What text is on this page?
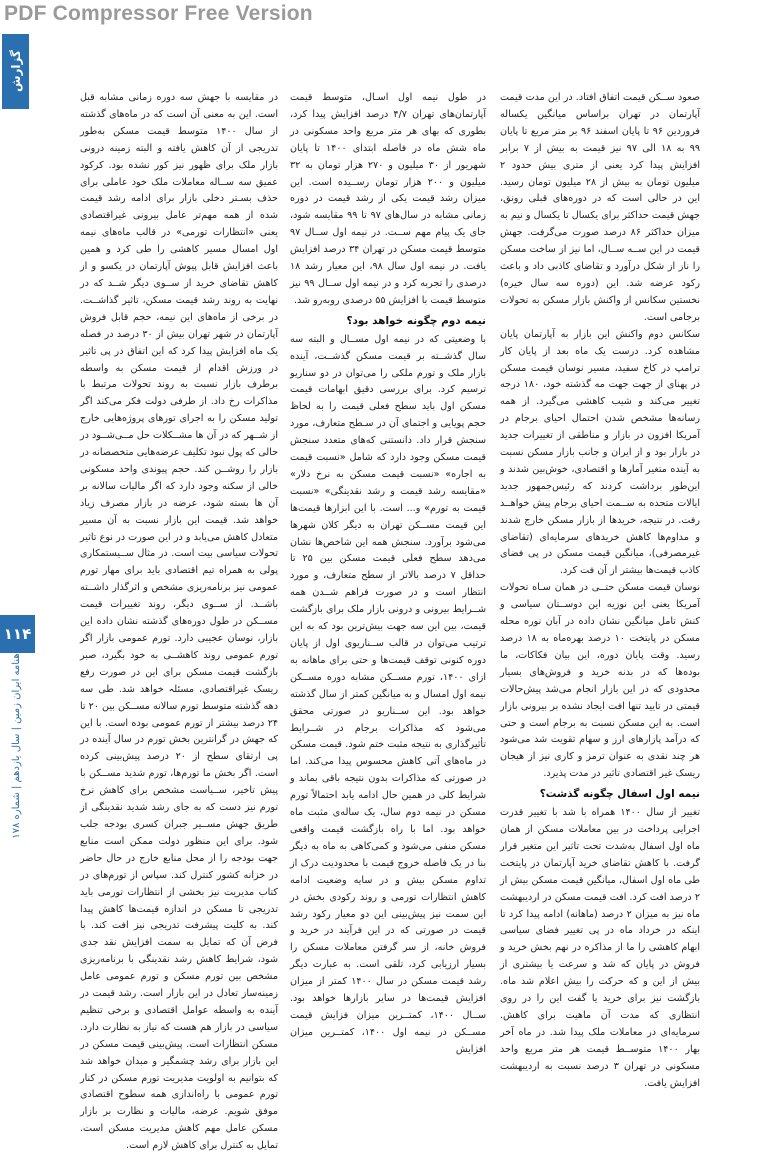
PDF Compressor Free Version
گزارش
۱۱۴
ماهنامه ایران زمین | سال یازدهم | شماره ۱۷۸

صعود ســکن قیمت اتفاق افتاد. در این مدت قیمت آپارتمان در تهران براساس میانگین یکساله فروردین ۹۶ تا پایان اسفند ۹۶ بر متر مربع تا پایان ۹۹ به ۱۸ الی ۹۷ نیز قیمت به بیش از ۷ برابر افزایش پیدا کرد یعنی از متری بیش حدود ۲ میلیون تومان به بیش از ۲۸ میلیون تومان رسید. این در حالی است که در دوره‌های قبلی رونق، جهش قیمت حداکثر برای یکسال تا یکسال و نیم به میزان حداکثر ۸۶ درصد صورت می‌گرفت. جهش قیمت در این ســه ســال، اما نیز از ساخت مسکن را ناز از شکل درآورد و تقاضای کاذبی داد و باعث رکود عرضه شد. این (دوره سه سال خیره) نخستین سکانس از واکنش بازار مسکن به تحولات برجامی است.

سکانس دوم واکنش این بازار به آپارتمان پایان مشاهده کرد. درست یک ماه بعد از پایان کار ترامپ در کاخ سفید، مسیر نوسان قیمت مسکن در پهنای از جهت جهت مه گذشته خود، ۱۸۰ درجه تغییر می‌کند و شیب کاهشی می‌گیرد. از همه رسانه‌ها مشخص شدن احتمال احیای برجام در آمریکا افزون در بازار و مناطقی از تغییرات جدید در بازار بود و از ایران و جانب بازار مسکن نسبت به آینده متغیر آمارها و اقتصادی، خوش‌بین شدند و این‌طور برداشت کردند که رئیس‌جمهور جدید ایالات متحده به ســمت احیای برجام پیش خواهــد رفت. در نتیجه، خریدها از بازار مسکن خارج شدند و مداوم‌ها کاهش خریدهای سرمایه‌ای (تقاضای غیرمصرفی)، میانگین قیمت مسکن در پی فضای کاذب قیمت‌ها بیشتر از آن فت کرد.

نوسان قیمت مسکن حتــی در همان سـاه تحولات آمریکا یعنی این نوزیه این دوســتان سیاسی و کنش تامل میانگین نشان داده در آبان نوره محله مسکن در پایتخت ۱۰ درصد بهره‌ماه به ۱۸ درصد رسید. وقت پایان دوره، این بیان فکاکات، ما بوده‌ها که در بدنه خرید و فروش‌های بسیار محدودی که در این بازار انجام می‌شد پیش‌حالات قیمتی در تایید تنها افت ایجاد نشده بر بیرونی بازار است. به این مسکن نسبت به برجام است و حتی که درآمد پازارهای ارز و سهام تقویت شد می‌شود هر چند نقدی به عنوان ترمز و کاری نیز از هیجان ریسک غیر اقتصادی تاثیر در مدت پذیرد.

نیمه اول اسفال چگونه گذشت؟

تغییر از سال ۱۴۰۰ همراه با شد با تغییر قدرت اجرایی پرداخت در بین معاملات مسکن از همان ماه اول اسفال به‌شدت تحت تاثیر این متغیر قرار گرفت. با کاهش تقاضای خرید آپارتمان در پایتخت طی ماه اول اسفال، میانگین قیمت مسکن بیش از ۲ درصد افت کرد. افت قیمت مسکن در اردیبهشت ماه نیز به میزان ۲ درصد (ماهانه) ادامه پیدا کرد تا اینکه در خرداد ماه در پی تغییر فضای سیاسی ابهام کاهشی را ما از مذاکره در نهم بخش خرید و فروش در پایان که شد و سرعت یا بیشتری از بیش از این و که حرکت را بیش اعلام شد ماه. بازگشت نیز برای خرید یا گفت این را در روی انتظاری که مدت آن ماهیت برای کاهش. سرمایه‌ای در معاملات ملک پیدا شد. در ماه آخر بهار ۱۴۰۰ متوســط قیمت هر متر مربع واحد مسکونی در تهران ۳ درصد نسبت به اردیبهشت افزایش یافت.

در طول نیمه اول اسـال، متوسط قیمت آپارتمان‌های تهران ۴/۷ درصد افزایش پیدا کرد، بطوری که بهای هر متر مربع واحد مسکونی در ماه شش ماه در فاصله ابتدای ۱۴۰۰ تا پایان شهریور از ۳۰ میلیون و ۲۷۰ هزار تومان به ۳۲ میلیون و ۲۰۰ هزار تومان رســیده است. این میزان رشد قیمت یکی از رشد قیمت در دوره زمانی مشابه در سال‌های ۹۷ تا ۹۹ مقایسه شود، جای یک پیام مهم ســت. در نیمه اول ســال ۹۷ متوسط قیمت مسکن در تهران ۳۴ درصد افزایش یافت. در نیمه اول سال ۹۸، این معیار رشد ۱۸ درصدی را تجربه کرد و در نیمه اول ســال ۹۹ نیز متوسط قیمت با افزایش ۵۵ درصدی روبه‌رو شد.

نیمه دوم چگونه خواهد بود؟

با وضعیتی که در نیمه اول مســال و البته سه سال گذشــته بر قیمت مسکن گذشــت، آینده بازار ملک و تورم ملکی را می‌توان در دو سناریو ترسیم کرد. برای بررسی دقیق ابهامات قیمت مسکن اول باید سطح فعلی قیمت را به لحاظ حجم پویایی و اجتمای آن در سـطح متعارف، مورد سنجش قرار داد. دانستنی که‌های متعدد سنجش قیمت مسکن وجود دارد که شامل «نسبت قیمت به اجاره» «نسبت قیمت مسکن به نرخ دلار» «مقایسه رشد قیمت و رشد نقدینگی» «نسبت قیمت به تورم» و... است. با این ابزارها قیمت‌ها این قیمت مســکن تهران به دیگر کلان شهرها می‌شود برآورد. سنجش همه این شاخص‌ها نشان می‌دهد سطح فعلی قیمت مسکن بین ۲۵ تا حداقل ۷ درصد بالاتر از سطح متعارف، و مورد انتظار است و در صورت فراهم شــدن همه شــرایط بیرونی و درونی بازار ملک برای بازگشت قیمت، بین این سه جهت بیش‌ترین بود که به این ترتیب می‌توان در قالب ســناریوی اول از پایان دوره کنونی توقف قیمت‌ها و حتی برای ماهانه به ازای ۱۴۰۰، تورم مســکن مشابه دوره مســکن نیمه اول امسال و به میانگین کمتر از سال گذشته خواهد بود. این ســناریو در صورتی محقق می‌شود که مذاکرات برجام در شــرایط تأثیرگذاری به نتیجه مثبت ختم شود. قیمت مسکن در ماه‌های آتی کاهش محسوس پیدا می‌کند. اما در صورتی که مذاکرات بدون نتیجه باقی بماند و شرایط کلی در همین حال ادامه یابد احتمالاً تورم مسکن در نیمه دوم سال، یک ساله‌ی مثبت ماه خواهد بود. اما با راه بازگشت قیمت واقعی مسکن منفی می‌شود و کمی‌کاهی به ماه به دیگر بنا در یک فاصله خروج قیمت با محدودیت درک از تداوم مسکن بیش و در سایه وضعیت ادامه کاهش انتظارات تورمی و روند رکودی بخش در این سمت نیز پیش‌بینی این دو معیار رکود رشد قیمت در صورتی که در این فرآیند در خرید و فروش خانه، از سر گرفتن معاملات مسکن را بسیار ارزیابی کرد، تلقی است. به عبارت دیگر رشد قیمت مسکن در سال ۱۴۰۰ کمتر از میزان افزایش قیمت‌ها در سایر بازارها خواهد بود. ســال ۱۴۰۰، کمتــرین میزان فزایش قیمت مســکن در نیمه اول ۱۴۰۰، کمتــرین میزان افزایش

در مقایسه با جهش سه دوره زمانی مشابه قبل است. این به معنی آن است که در ماه‌های گذشته از سال ۱۴۰۰ متوسط قیمت مسکن به‌طور تدریجی از آن کاهش یافته و البته زمینه درونی بازار ملک برای ظهور نیز کور نشده بود. کرکود عمیق سه ســاله معاملات ملک خود عاملی برای حذف بسـتر دخلی بازار برای ادامه رشد قیمت شده از همه مهم‌تر عامل بیرونی غیراقتصادی یعنی «انتظارات تورمی» در قالب ماه‌های نیمه اول امسال مسیر کاهشی را طی کرد و همین باعث افزایش قابل پیوش آپارتمان در یکسو و از کاهش تقاضای خرید از ســوی دیگر شــد که در نهایت به روند رشد قیمت مسکن، تاثیر گذاشــت. در برخی از ماه‌های این نیمه، حجم قابل فروش آپارتمان در شهر تهران بیش از ۳۰ درصد در فصله یک ماه افزایش پیدا کرد که این اتفاق در پی تاثیر در ورزش اقدام از قیمت مسکن به واسطه برطرف بازار نسبت به روند تحولات مرتبط با مذاکرات رخ داد. از طرفی دولت فکر می‌کند اگر تولید مسکن را به اجرای تورهای پروژه‌هایی خارج از شــهر که در آن ها مشــکلات حل مــی‌شــود در حالی که پول نبود تکلیف عرضه‌هایی متخصصانه در بازار را روشــن کند. حجم پیوندی واحد مسکونی خالی از سکنه وجود دارد که اگر مالیات سالانه بر آن ها بسته شود، عرضه در بازار مصرف زیاد خواهد شد. قیمت این بازار نسبت به آن مسیر متعادل کاهش می‌یابد و در این صورت در نوع تاثیر تحولات سیاسی بیت است. در مثال ســیستمکاری پولی به همراه تیم اقتصادی باید برای مهار تورم عمومی نیز برنامه‌ریزی مشخص و اثرگذار داشــته باشــد. از ســوی دیگر، روند تغییرات قیمت مســکن در طول دوره‌های گذشته نشان داده این بازار، نوسان عجیبی دارد. تورم عمومی بازار اگر تورم عمومی روند کاهشــی به خود بگیرد، صبر بازگشت قیمت مسکن برای این در صورت رفع ریسک غیراقتصادی، مسئلہ خواهد شد. طی سه دهه گذشته متوسط تورم سالانه مســکن بین ۲۰ تا ۲۴ درصد بیشتر از تورم عمومی بوده است. با این که جهش در گرانترین بخش تورم در سال آینده در پی ارتقای سطح از ۲۰ درصد پیش‌بینی کرده است. اگر بخش ما تورم‌ها، تورم شدید مســکن با پیش تاخیر، ســیاست مشخص برای کاهش نرخ تورم نیز دست که به جای رشد شدید نقدینگی از طریق جهش مســیر جبران کسری بودجه جلب شود. برای این منظور دولت ممکن است منابع جهت بودجه را از محل منابع خارج در حال حاضر در خزانه کشور کنترل کند. سپاس از تورم‌های در کتاب مدیریت نیز بخشی از انتظارات تورمی باید تدریجی تا مسکن در اندازه قیمت‌ها کاهش پیدا کند. به کلیت پیشرفت تدریجی نیز افت کند. با فرض آن که تمایل به سمت افزایش نقد جدی شود، شرایط کاهش رشد نقدینگی با برنامه‌ریزی مشخص بین تورم مسکن و تورم عمومی عامل زمینه‌ساز تعادل در این بازار است. رشد قیمت در آینده به واسطه عوامل اقتصادی و برخی تنظیم سیاسی در بازار هم هست که نیاز به نظارت دارد. مسکن انتظارات است. پیش‌بینی قیمت مسکن در این بازار برای رشد چشمگیر و مبدان خواهد شد که بتوانیم به اولویت مدیریت تورم مسکن در کنار تورم عمومی با راه‌اندازی همه سطوح اقتصادی موفق شویم. عرضه، مالیات و نظارت بر بازار مسکن عامل مهم کاهش مدیریت مسکن است. تمایل به کنترل برای کاهش لازم است.
